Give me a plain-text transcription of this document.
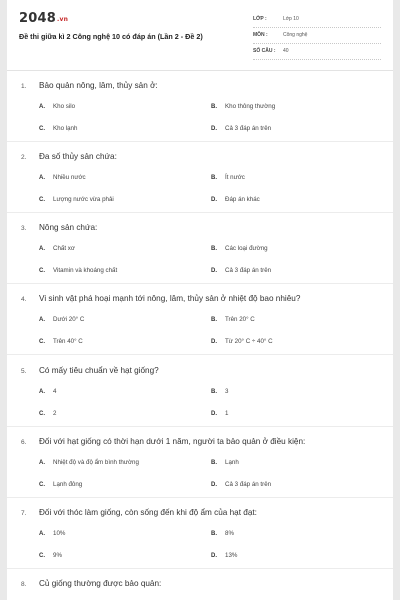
2048.vn
Đề thi giữa kì 2 Công nghệ 10 có đáp án (Lần 2 - Đề 2)
LỚP :	Lớp 10
MÔN :	Công nghệ
SỐ CÂU : 40
1. Bảo quản nông, lâm, thủy sản ở:
A. Kho silo	B. Kho thông thường
C. Kho lạnh	D. Cả 3 đáp án trên
2. Đa số thủy sản chứa:
A. Nhiều nước	B. Ít nước
C. Lượng nước vừa phải	D. Đáp án khác
3. Nông sản chứa:
A. Chất xơ	B. Các loại đường
C. Vitamin và khoáng chất	D. Cả 3 đáp án trên
4. Vi sinh vật phá hoại mạnh tới nông, lâm, thủy sản ở nhiệt độ bao nhiêu?
A. Dưới 20° C	B. Trên 20° C
C. Trên 40° C	D. Từ 20° C ÷ 40° C
5. Có mấy tiêu chuẩn về hạt giống?
A. 4	B. 3
C. 2	D. 1
6. Đối với hạt giống có thời hạn dưới 1 năm, người ta bảo quản ở điều kiện:
A. Nhiệt độ và độ ẩm bình thường	B. Lạnh
C. Lạnh đông	D. Cả 3 đáp án trên
7. Đối với thóc làm giống, còn sống đến khi độ ẩm của hạt đạt:
A. 10%	B. 8%
C. 9%	D. 13%
8. Củ giống thường được bảo quản:
